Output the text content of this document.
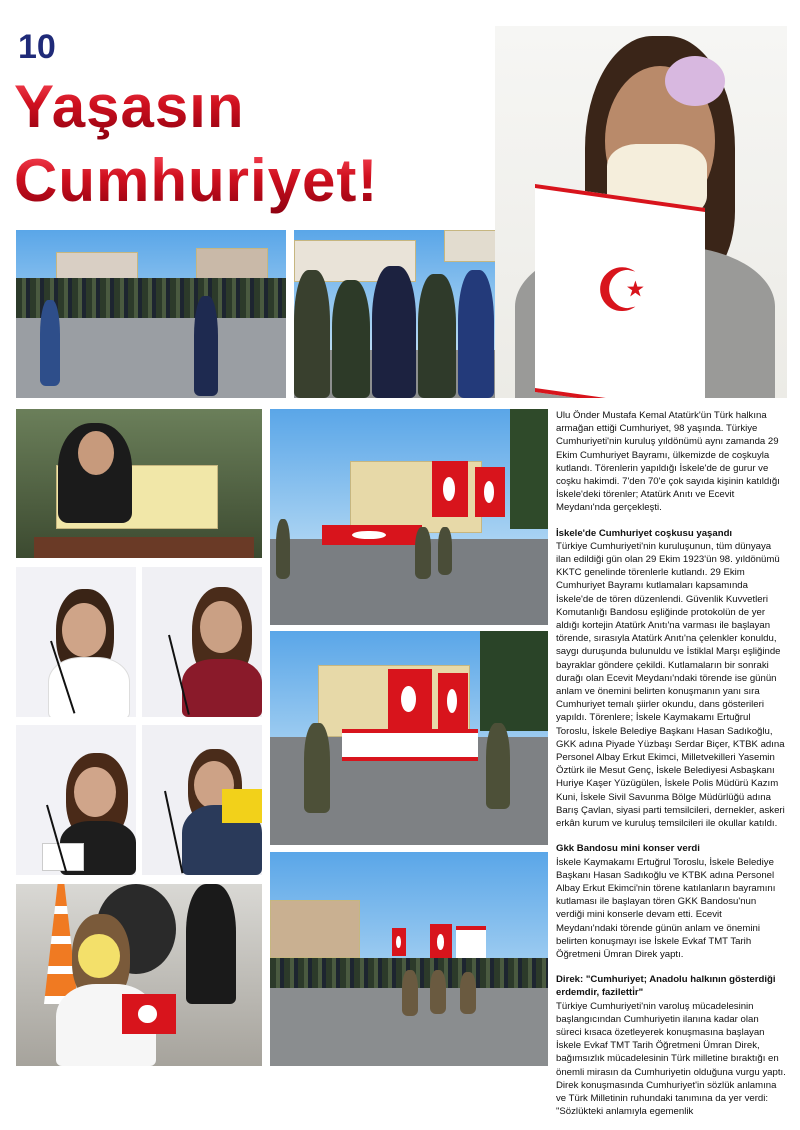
10
Yaşasın
Cumhuriyet!
☪

Ulu Önder Mustafa Kemal Atatürk'ün Türk halkına armağan ettiği Cumhuriyet, 98 yaşında. Türkiye Cumhuriyeti'nin kuruluş yıldönümü aynı zamanda 29 Ekim Cumhuriyet Bayramı, ülkemizde de coşkuyla kutlandı. Törenlerin yapıldığı İskele'de de gurur ve coşku hakimdi. 7'den 70'e çok sayıda kişinin katıldığı İskele'deki törenler; Atatürk Anıtı ve Ecevit Meydanı'nda gerçekleşti.

İskele'de Cumhuriyet coşkusu yaşandı

Türkiye Cumhuriyeti'nin kuruluşunun, tüm dünyaya ilan edildiği gün olan 29 Ekim 1923'ün 98. yıldönümü KKTC genelinde törenlerle kutlandı. 29 Ekim Cumhuriyet Bayramı kutlamaları kapsamında İskele'de de tören düzenlendi. Güvenlik Kuvvetleri Komutanlığı Bandosu eşliğinde protokolün de yer aldığı kortejin Atatürk Anıtı'na varması ile başlayan törende, sırasıyla Atatürk Anıtı'na çelenkler konuldu, saygı duruşunda bulunuldu ve İstiklal Marşı eşliğinde bayraklar göndere çekildi. Kutlamaların bir sonraki durağı olan Ecevit Meydanı'ndaki törende ise günün anlam ve önemini belirten konuşmanın yanı sıra Cumhuriyet temalı şiirler okundu, dans gösterileri yapıldı. Törenlere; İskele Kaymakamı Ertuğrul Toroslu, İskele Belediye Başkanı Hasan Sadıkoğlu, GKK adına Piyade Yüzbaşı Serdar Biçer, KTBK adına Personel Albay Erkut Ekimci, Milletvekilleri Yasemin Öztürk ile Mesut Genç, İskele Belediyesi Asbaşkanı Huriye Kaşer Yüzügülen, İskele Polis Müdürü Kazım Kuni, İskele Sivil Savunma Bölge Müdürlüğü adına Barış Çavlan, siyasi parti temsilcileri, dernekler, askeri erkân kurum ve kuruluş temsilcileri ile okullar katıldı.

Gkk Bandosu mini konser verdi

İskele Kaymakamı Ertuğrul Toroslu, İskele Belediye Başkanı Hasan Sadıkoğlu ve KTBK adına Personel Albay Erkut Ekimci'nin törene katılanların bayramını kutlaması ile başlayan tören GKK Bandosu'nun verdiği mini konserle devam etti. Ecevit Meydanı'ndaki törende günün anlam ve önemini belirten konuşmayı ise İskele Evkaf TMT Tarih Öğretmeni Ümran Direk yaptı.

Direk: "Cumhuriyet; Anadolu halkının gösterdiği erdemdir, faziletti̇r"

Türkiye Cumhuriyeti'nin varoluş mücadelesinin başlangıcından Cumhuriyetin ilanına kadar olan süreci kısaca özetleyerek konuşmasına başlayan İskele Evkaf TMT Tarih Öğretmeni Ümran Direk, bağımsızlık mücadelesinin Türk milletine bıraktığı en önemli mirasın da Cumhuriyetin olduğuna vurgu yaptı. Direk konuşmasında Cumhuriyet'in sözlük anlamına ve Türk Milletinin ruhundaki tanımına da yer verdi: "Sözlükteki anlamıyla egemenlik
